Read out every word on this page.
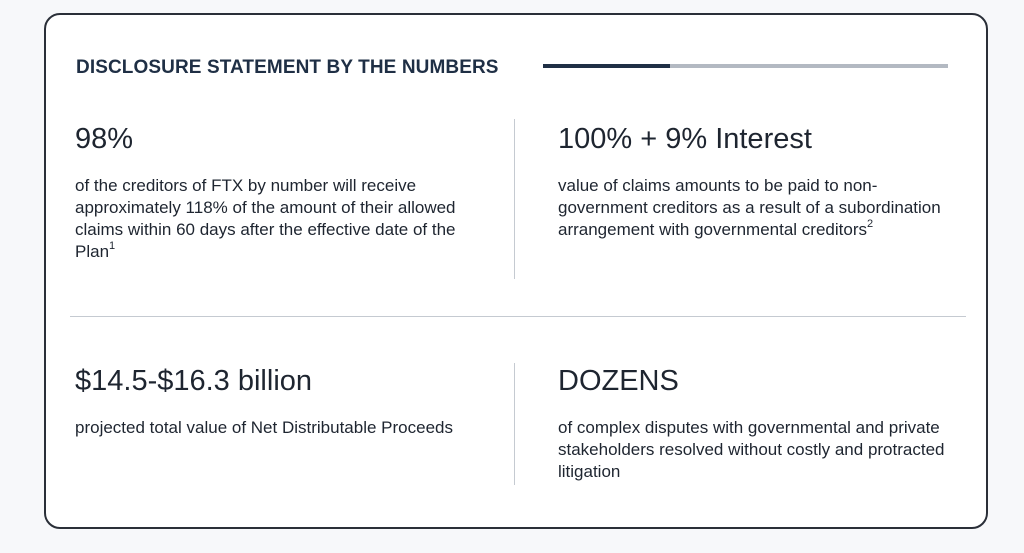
DISCLOSURE STATEMENT BY THE NUMBERS
98%
of the creditors of FTX by number will receive approximately 118% of the amount of their allowed claims within 60 days after the effective date of the Plan$^1$
100% + 9% Interest
value of claims amounts to be paid to non-government creditors as a result of a subordination arrangement with governmental creditors$^2$
$14.5-$16.3 billion
projected total value of Net Distributable Proceeds
DOZENS
of complex disputes with governmental and private stakeholders resolved without costly and protracted litigation
